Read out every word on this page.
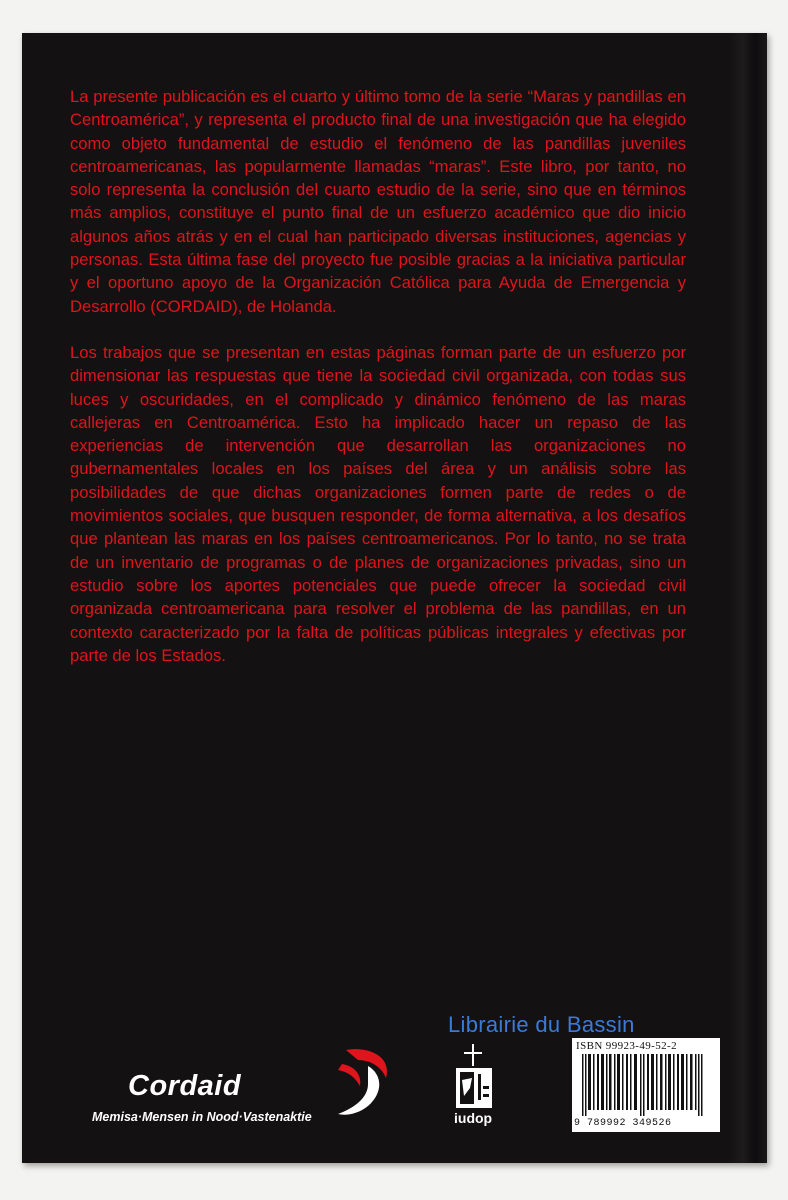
La presente publicación es el cuarto y último tomo de la serie “Maras y pandillas en Centroamérica”, y representa el producto final de una investigación que ha elegido como objeto fundamental de estudio el fenómeno de las pandillas juveniles centroamericanas, las popularmente llamadas “maras”. Este libro, por tanto, no solo representa la conclusión del cuarto estudio de la serie, sino que en términos más amplios, constituye el punto final de un esfuerzo académico que dio inicio algunos años atrás y en el cual han participado diversas instituciones, agencias y personas. Esta última fase del proyecto fue posible gracias a la iniciativa particular y el oportuno apoyo de la Organización Católica para Ayuda de Emergencia y Desarrollo (CORDAID), de Holanda.

Los trabajos que se presentan en estas páginas forman parte de un esfuerzo por dimensionar las respuestas que tiene la sociedad civil organizada, con todas sus luces y oscuridades, en el complicado y dinámico fenómeno de las maras callejeras en Centroamérica. Esto ha implicado hacer un repaso de las experiencias de intervención que desarrollan las organizaciones no gubernamentales locales en los países del área y un análisis sobre las posibilidades de que dichas organizaciones formen parte de redes o de movimientos sociales, que busquen responder, de forma alternativa, a los desafíos que plantean las maras en los países centroamericanos. Por lo tanto, no se trata de un inventario de programas o de planes de organizaciones privadas, sino un estudio sobre los aportes potenciales que puede ofrecer la sociedad civil organizada centroamericana para resolver el problema de las pandillas, en un contexto caracterizado por la falta de políticas públicas integrales y efectivas por parte de los Estados.

Librairie du Bassin
Cordaid
Memisa·Mensen in Nood·Vastenaktie	iudop
ISBN 99923-49-52-2
9 789992 349526
